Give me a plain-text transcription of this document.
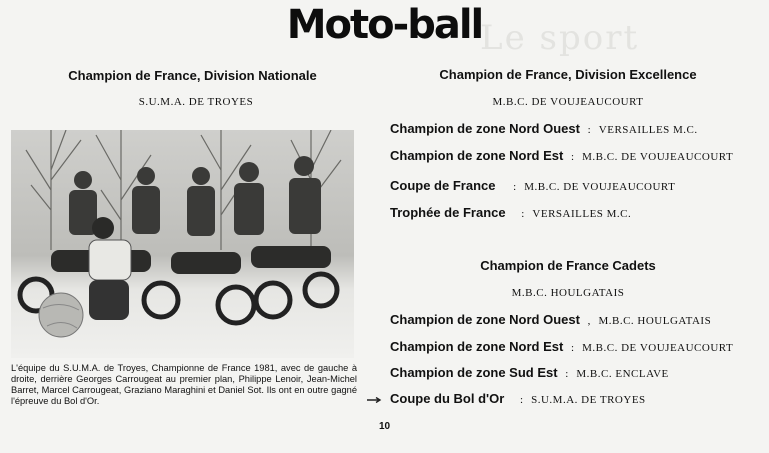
Le sport
Moto-ball
Champion de France, Division Nationale
S.U.M.A. DE TROYES
L'équipe du S.U.M.A. de Troyes, Championne de France 1981, avec de gauche à droite, derrière Georges Carrougeat au premier plan, Philippe Lenoir, Jean-Michel Barret, Marcel Carrougeat, Graziano Maraghini et Daniel Sot. Ils ont en outre gagné l'épreuve du Bol d'Or.
Champion de France, Division Excellence
M.B.C. DE VOUJEAUCOURT
Champion de zone Nord Ouest : VERSAILLES M.C.
Champion de zone Nord Est : M.B.C. DE VOUJEAUCOURT
Coupe de France : M.B.C. DE VOUJEAUCOURT
Trophée de France : VERSAILLES M.C.
Champion de France Cadets
M.B.C. HOULGATAIS
Champion de zone Nord Ouest , M.B.C. HOULGATAIS
Champion de zone Nord Est : M.B.C. DE VOUJEAUCOURT
Champion de zone Sud Est : M.B.C. ENCLAVE
Coupe du Bol d'Or : S.U.M.A. DE TROYES
10
